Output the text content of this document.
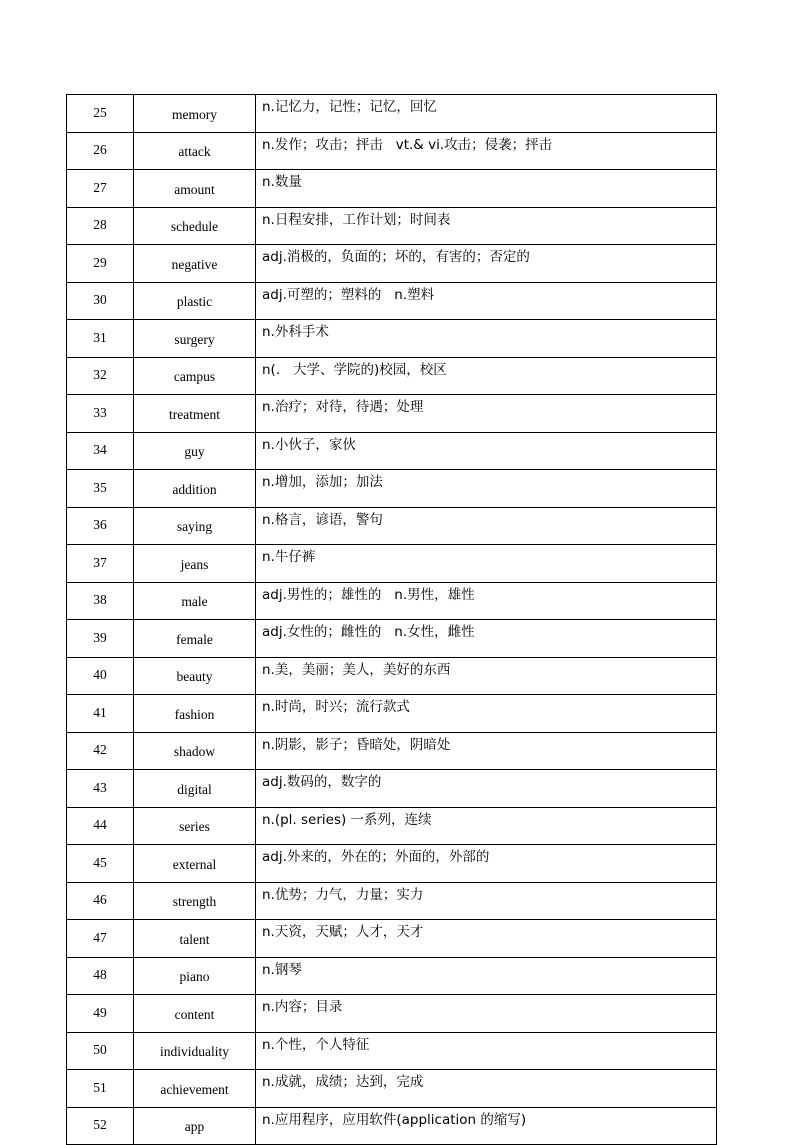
25	memory	n.记忆力，记性；记忆，回忆
26	attack	n.发作；攻击；抨击   vt.& vi.攻击；侵袭；抨击
27	amount	n.数量
28	schedule	n.日程安排，工作计划；时间表
29	negative	adj.消极的，负面的；坏的，有害的；否定的
30	plastic	adj.可塑的；塑料的   n.塑料
31	surgery	n.外科手术
32	campus	n(.   大学、学院的)校园，校区
33	treatment	n.治疗；对待，待遇；处理
34	guy	n.小伙子，家伙
35	addition	n.增加，添加；加法
36	saying	n.格言，谚语，警句
37	jeans	n.牛仔裤
38	male	adj.男性的；雄性的   n.男性，雄性
39	female	adj.女性的；雌性的   n.女性，雌性
40	beauty	n.美，美丽；美人，美好的东西
41	fashion	n.时尚，时兴；流行款式
42	shadow	n.阴影，影子；昏暗处，阴暗处
43	digital	adj.数码的，数字的
44	series	n.(pl. series) 一系列，连续
45	external	adj.外来的，外在的；外面的，外部的
46	strength	n.优势；力气，力量；实力
47	talent	n.天资，天赋；人才，天才
48	piano	n.钢琴
49	content	n.内容；目录
50	individuality	n.个性，个人特征
51	achievement	n.成就，成绩；达到，完成
52	app	n.应用程序，应用软件(application 的缩写)
